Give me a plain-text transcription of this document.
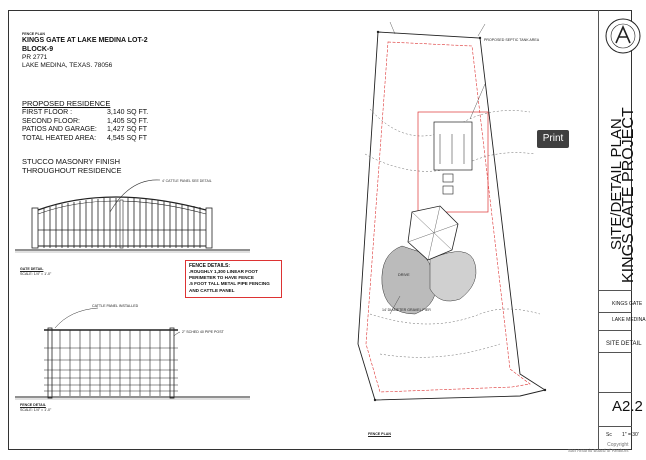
FENCE PLAN
KINGS GATE AT LAKE MEDINA LOT-2
BLOCK-9
PR 2771
LAKE MEDINA, TEXAS. 78056
PROPOSED RESIDENCE
FIRST FLOOR :	3,140 SQ FT.
SECOND FLOOR:	1,405 SQ FT.
PATIOS AND GARAGE:	1,427 SQ FT
TOTAL HEATED AREA:	4,545 SQ FT
STUCCO MASONRY FINISH
THROUGHOUT RESIDENCE
4' CATTLE PANEL SEE DETAIL
GATE DETAIL
SCALE: 1/4" = 1'-0"
FENCE DETAILS:
.ROUGHLY 1,300 LINEAR FOOT
PERIMETER TO HAVE FENCE
.5 FOOT TALL METAL PIPE FENCING
AND CATTLE PANEL
CATTLE PANEL INSTALLED
2" SCHED 40 PIPE POST
FENCE DETAIL
SCALE: 1/4" = 1'-0"
DRIVE
PROPOSED SEPTIC TANK AREA
14' DIAMETER GRAVEL PIER
FENCE PLAN
Print	SITE/DETAIL PLAN
KINGS GATE PROJECT
KINGS GATE
LAKE MEDINA
SITE DETAIL
A2.2
Sc 1" = 30'
Copyright
San Antonio Board of Realtors
